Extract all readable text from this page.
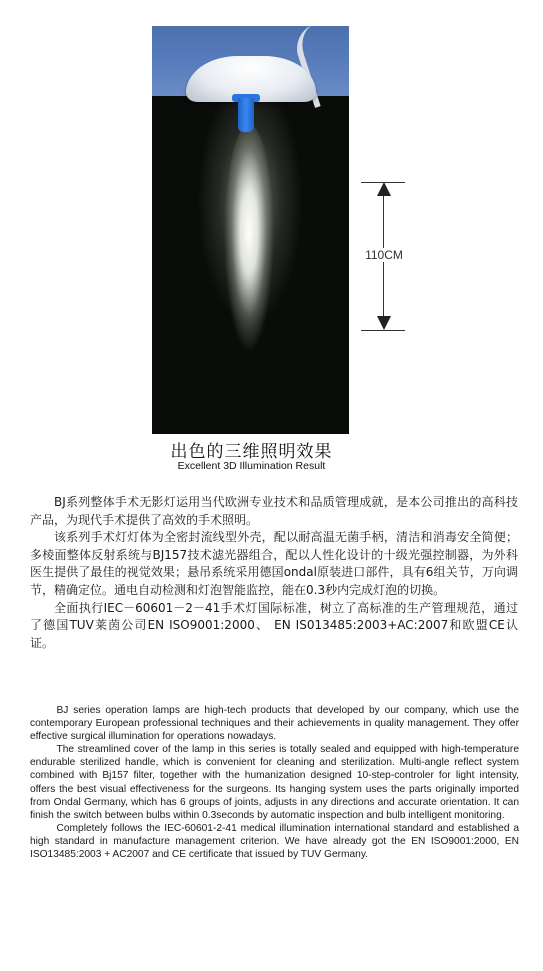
110CM
出色的三维照明效果
Excellent 3D Illumination Result

BJ系列整体手术无影灯运用当代欧洲专业技术和品质管理成就，是本公司推出的高科技产品，为现代手术提供了高效的手术照明。

该系列手术灯灯体为全密封流线型外壳，配以耐高温无菌手柄，清洁和消毒安全简便；多棱面整体反射系统与BJ157技术滤光器组合，配以人性化设计的十级光强控制器，为外科医生提供了最佳的视觉效果；悬吊系统采用德国ondal原装进口部件，具有6组关节，万向调节，精确定位。通电自动检测和灯泡智能监控，能在0.3秒内完成灯泡的切换。

全面执行IEC－60601－2－41手术灯国际标准，树立了高标准的生产管理规范，通过了德国TUV莱茵公司EN ISO9001:2000、 EN IS013485:2003+AC:2007和欧盟CE认证。

BJ series operation lamps are high-tech products that developed by our company, which use the contemporary European professional techniques and their achievements in quality management. They offer effective surgical illumination for operations nowadays.

The streamlined cover of the lamp in this series is totally sealed and equipped with high-temperature endurable sterilized handle, which is convenient for cleaning and sterilization. Multi-angle reflect system combined with Bj157 filter, together with the humanization designed 10-step-controler for light intensity, offers the best visual effectiveness for the surgeons. Its hanging system uses the parts originally imported from Ondal Germany, which has 6 groups of joints, adjusts in any directions and accurate orientation. It can finish the switch between bulbs within 0.3seconds by automatic inspection and bulb intelligent monitoring.

Completely follows the IEC-60601-2-41 medical illumination international standard and established a high standard in manufacture management criterion. We have already got the EN ISO9001:2000, EN ISO13485:2003 + AC2007 and CE certificate that issued by TUV Germany.
